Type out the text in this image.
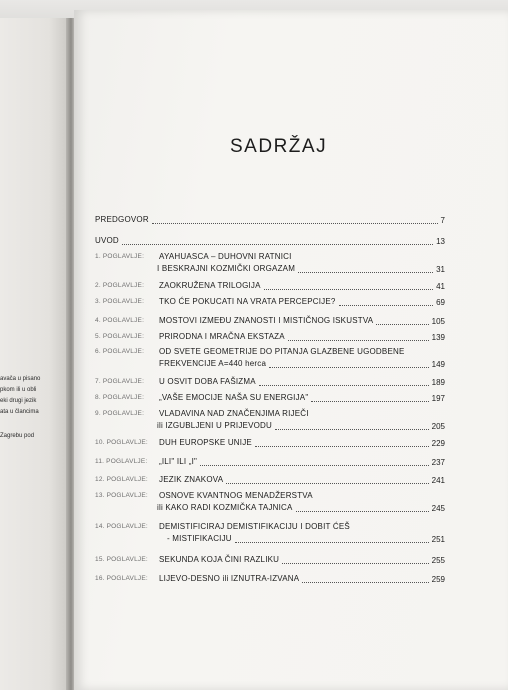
avača u pisano
pkom ili u obli
eki drugi jezik
ata u člancima
Zagrebu pod
SADRŽAJ
PREDGOVOR	7
UVOD	13
1. POGLAVLJE: AYAHUASCA – DUHOVNI RATNICI
I BESKRAJNI KOZMIČKI ORGAZAM	31
2. POGLAVLJE: ZAOKRUŽENA TRILOGIJA	41
3. POGLAVLJE: TKO ĆE POKUCATI NA VRATA PERCEPCIJE?	69
4. POGLAVLJE: MOSTOVI IZMEĐU ZNANOSTI I MISTIČNOG ISKUSTVA	105
5. POGLAVLJE: PRIRODNA I MRAČNA EKSTAZA	139
6. POGLAVLJE: OD SVETE GEOMETRIJE DO PITANJA GLAZBENE UGODBENE
FREKVENCIJE A=440 herca	149
7. POGLAVLJE: U OSVIT DOBA FAŠIZMA	189
8. POGLAVLJE: „VAŠE EMOCIJE NAŠA SU ENERGIJA"	197
9. POGLAVLJE: VLADAVINA NAD ZNAČENJIMA RIJEČI
ili IZGUBLJENI U PRIJEVODU	205
10. POGLAVLJE: DUH EUROPSKE UNIJE	229
11. POGLAVLJE: „ILI" ILI „I"	237
12. POGLAVLJE: JEZIK ZNAKOVA	241
13. POGLAVLJE: OSNOVE KVANTNOG MENADŽERSTVA
ili KAKO RADI KOZMIČKA TAJNICA	245
14. POGLAVLJE: DEMISTIFICIRAJ DEMISTIFIKACIJU I DOBIT ĆEŠ
- MISTIFIKACIJU	251
15. POGLAVLJE: SEKUNDA KOJA ČINI RAZLIKU	255
16. POGLAVLJE: LIJEVO-DESNO ili IZNUTRA-IZVANA	259
